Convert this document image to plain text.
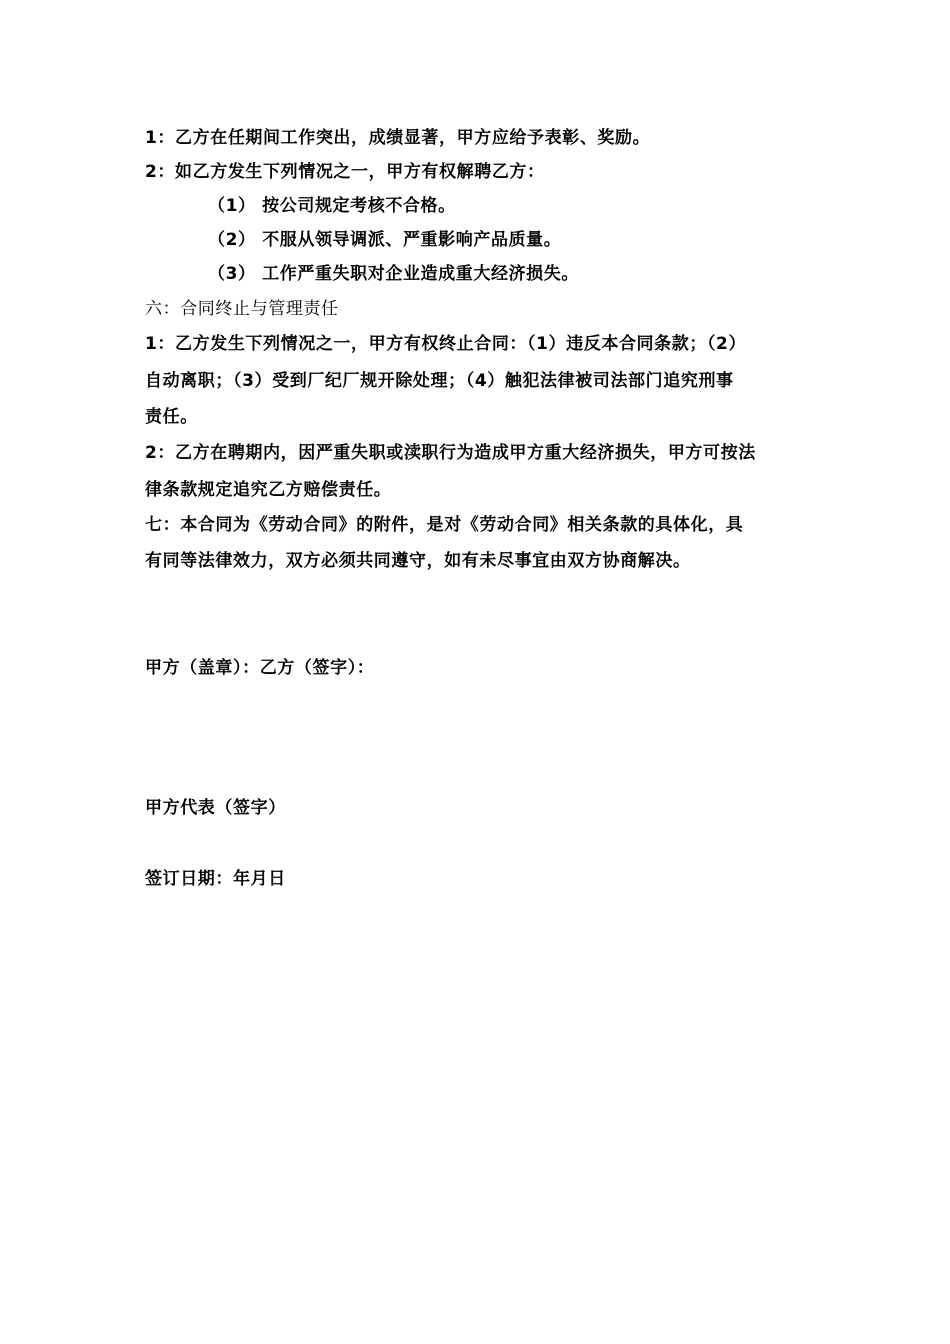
1：乙方在任期间工作突出，成绩显著，甲方应给予表彰、奖励。
2：如乙方发生下列情况之一，甲方有权解聘乙方：
（1） 按公司规定考核不合格。
（2） 不服从领导调派、严重影响产品质量。
（3） 工作严重失职对企业造成重大经济损失。
六：合同终止与管理责任
1：乙方发生下列情况之一，甲方有权终止合同：（1）违反本合同条款；（2）
自动离职；（3）受到厂纪厂规开除处理；（4）触犯法律被司法部门追究刑事
责任。
2：乙方在聘期内，因严重失职或渎职行为造成甲方重大经济损失，甲方可按法
律条款规定追究乙方赔偿责任。
七：本合同为《劳动合同》的附件，是对《劳动合同》相关条款的具体化，具
有同等法律效力，双方必须共同遵守，如有未尽事宜由双方协商解决。
甲方（盖章）：乙方（签字）：
甲方代表（签字）
签订日期：年月日
